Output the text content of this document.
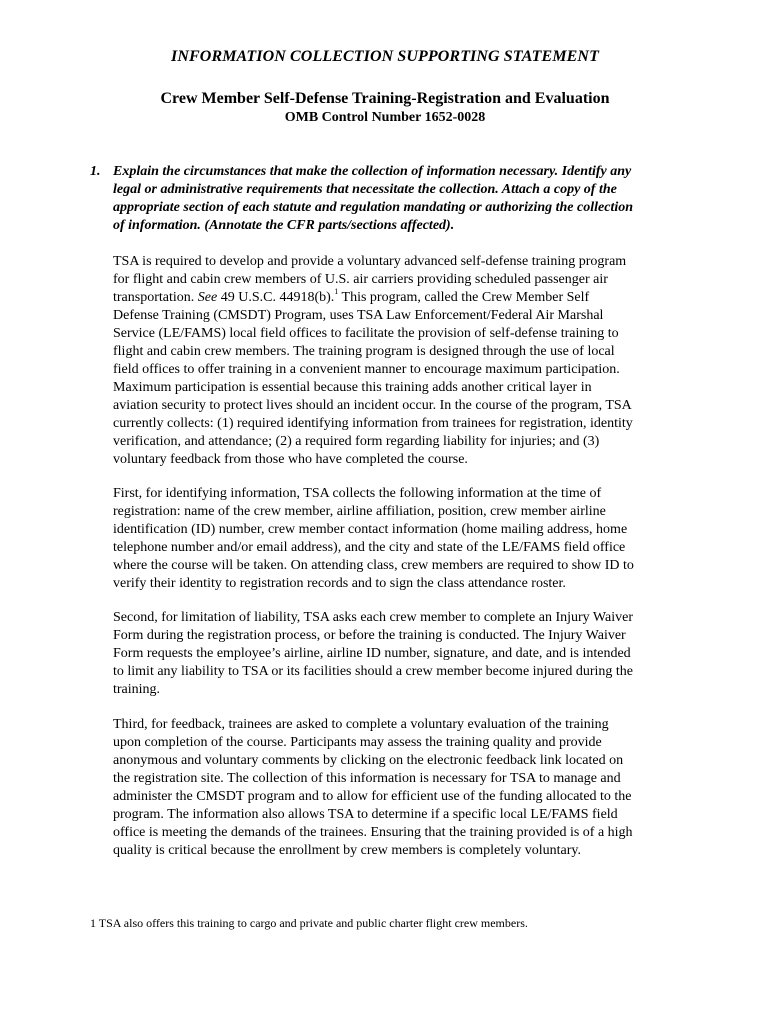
INFORMATION COLLECTION SUPPORTING STATEMENT
Crew Member Self-Defense Training-Registration and Evaluation
OMB Control Number 1652-0028
1. Explain the circumstances that make the collection of information necessary. Identify any
legal or administrative requirements that necessitate the collection. Attach a copy of the
appropriate section of each statute and regulation mandating or authorizing the collection
of information. (Annotate the CFR parts/sections affected).
TSA is required to develop and provide a voluntary advanced self-defense training program
for flight and cabin crew members of U.S. air carriers providing scheduled passenger air
transportation. See 49 U.S.C. 44918(b).$^1$ This program, called the Crew Member Self
Defense Training (CMSDT) Program, uses TSA Law Enforcement/Federal Air Marshal
Service (LE/FAMS) local field offices to facilitate the provision of self-defense training to
flight and cabin crew members. The training program is designed through the use of local
field offices to offer training in a convenient manner to encourage maximum participation.
Maximum participation is essential because this training adds another critical layer in
aviation security to protect lives should an incident occur. In the course of the program, TSA
currently collects: (1) required identifying information from trainees for registration, identity
verification, and attendance; (2) a required form regarding liability for injuries; and (3)
voluntary feedback from those who have completed the course.
First, for identifying information, TSA collects the following information at the time of
registration: name of the crew member, airline affiliation, position, crew member airline
identification (ID) number, crew member contact information (home mailing address, home
telephone number and/or email address), and the city and state of the LE/FAMS field office
where the course will be taken. On attending class, crew members are required to show ID to
verify their identity to registration records and to sign the class attendance roster.
Second, for limitation of liability, TSA asks each crew member to complete an Injury Waiver
Form during the registration process, or before the training is conducted. The Injury Waiver
Form requests the employee’s airline, airline ID number, signature, and date, and is intended
to limit any liability to TSA or its facilities should a crew member become injured during the
training.
Third, for feedback, trainees are asked to complete a voluntary evaluation of the training
upon completion of the course. Participants may assess the training quality and provide
anonymous and voluntary comments by clicking on the electronic feedback link located on
the registration site. The collection of this information is necessary for TSA to manage and
administer the CMSDT program and to allow for efficient use of the funding allocated to the
program. The information also allows TSA to determine if a specific local LE/FAMS field
office is meeting the demands of the trainees. Ensuring that the training provided is of a high
quality is critical because the enrollment by crew members is completely voluntary.
1 TSA also offers this training to cargo and private and public charter flight crew members.
